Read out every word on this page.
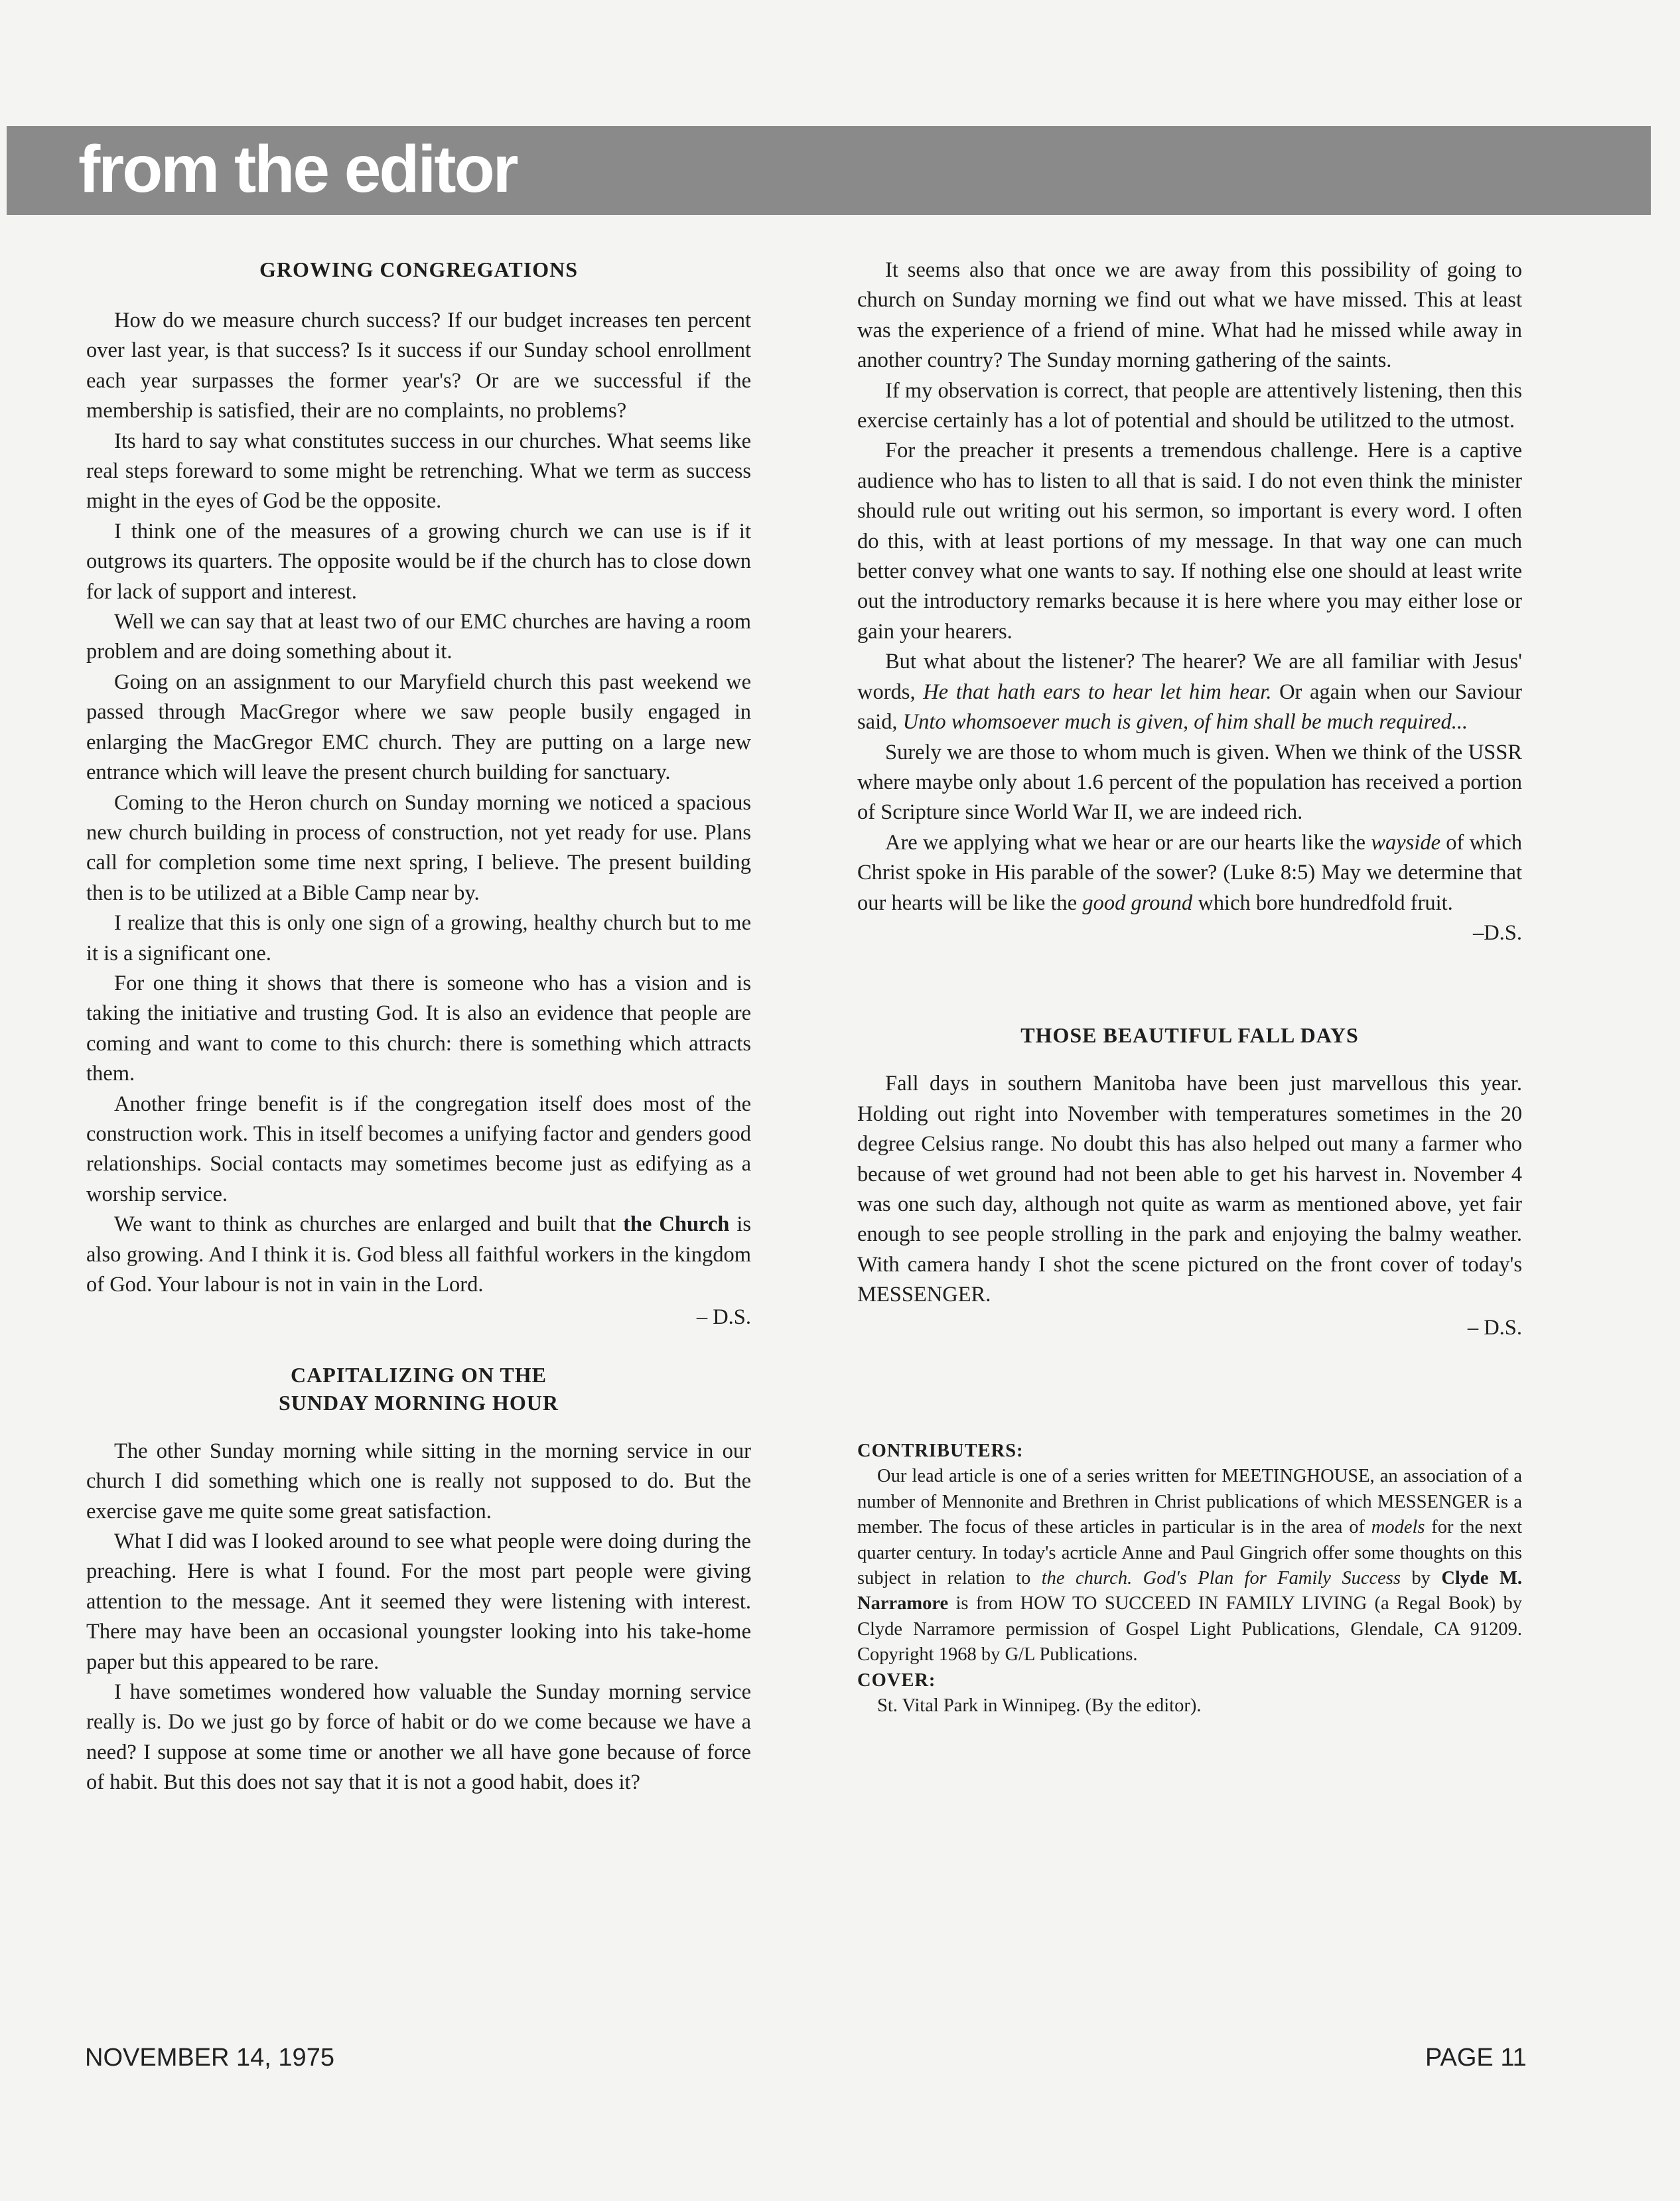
from the editor
GROWING CONGREGATIONS

How do we measure church success? If our budget increases ten percent over last year, is that success? Is it success if our Sunday school enrollment each year surpasses the former year's? Or are we successful if the membership is satisfied, their are no complaints, no problems?

Its hard to say what constitutes success in our churches. What seems like real steps foreward to some might be retrenching. What we term as success might in the eyes of God be the opposite.

I think one of the measures of a growing church we can use is if it outgrows its quarters. The opposite would be if the church has to close down for lack of support and interest.

Well we can say that at least two of our EMC churches are having a room problem and are doing something about it.

Going on an assignment to our Maryfield church this past weekend we passed through MacGregor where we saw people busily engaged in enlarging the MacGregor EMC church. They are putting on a large new entrance which will leave the present church building for sanctuary.

Coming to the Heron church on Sunday morning we noticed a spacious new church building in process of construction, not yet ready for use. Plans call for completion some time next spring, I believe. The present building then is to be utilized at a Bible Camp near by.

I realize that this is only one sign of a growing, healthy church but to me it is a significant one.

For one thing it shows that there is someone who has a vision and is taking the initiative and trusting God. It is also an evidence that people are coming and want to come to this church: there is something which attracts them.

Another fringe benefit is if the congregation itself does most of the construction work. This in itself becomes a unifying factor and genders good relationships. Social contacts may sometimes become just as edifying as a worship service.

We want to think as churches are enlarged and built that the Church is also growing. And I think it is. God bless all faithful workers in the kingdom of God. Your labour is not in vain in the Lord.

– D.S.

CAPITALIZING ON THE
SUNDAY MORNING HOUR

The other Sunday morning while sitting in the morning service in our church I did something which one is really not supposed to do. But the exercise gave me quite some great satisfaction.

What I did was I looked around to see what people were doing during the preaching. Here is what I found. For the most part people were giving attention to the message. Ant it seemed they were listening with interest. There may have been an occasional youngster looking into his take-home paper but this appeared to be rare.

I have sometimes wondered how valuable the Sunday morning service really is. Do we just go by force of habit or do we come because we have a need? I suppose at some time or another we all have gone because of force of habit. But this does not say that it is not a good habit, does it?

It seems also that once we are away from this possibility of going to church on Sunday morning we find out what we have missed. This at least was the experience of a friend of mine. What had he missed while away in another country? The Sunday morning gathering of the saints.

If my observation is correct, that people are attentively listening, then this exercise certainly has a lot of potential and should be utilitzed to the utmost.

For the preacher it presents a tremendous challenge. Here is a captive audience who has to listen to all that is said. I do not even think the minister should rule out writing out his sermon, so important is every word. I often do this, with at least portions of my message. In that way one can much better convey what one wants to say. If nothing else one should at least write out the introductory remarks because it is here where you may either lose or gain your hearers.

But what about the listener? The hearer? We are all familiar with Jesus' words, He that hath ears to hear let him hear. Or again when our Saviour said, Unto whomsoever much is given, of him shall be much required...

Surely we are those to whom much is given. When we think of the USSR where maybe only about 1.6 percent of the population has received a portion of Scripture since World War II, we are indeed rich.

Are we applying what we hear or are our hearts like the wayside of which Christ spoke in His parable of the sower? (Luke 8:5) May we determine that our hearts will be like the good ground which bore hundredfold fruit.

–D.S.

THOSE BEAUTIFUL FALL DAYS

Fall days in southern Manitoba have been just marvellous this year. Holding out right into November with temperatures sometimes in the 20 degree Celsius range. No doubt this has also helped out many a farmer who because of wet ground had not been able to get his harvest in. November 4 was one such day, although not quite as warm as mentioned above, yet fair enough to see people strolling in the park and enjoying the balmy weather. With camera handy I shot the scene pictured on the front cover of today's MESSENGER.

– D.S.

CONTRIBUTERS:

Our lead article is one of a series written for MEETINGHOUSE, an association of a number of Mennonite and Brethren in Christ publications of which MESSENGER is a member. The focus of these articles in particular is in the area of models for the next quarter century. In today's acrticle Anne and Paul Gingrich offer some thoughts on this subject in relation to the church. God's Plan for Family Success by Clyde M. Narramore is from HOW TO SUCCEED IN FAMILY LIVING (a Regal Book) by Clyde Narramore permission of Gospel Light Publications, Glendale, CA 91209. Copyright 1968 by G/L Publications.

COVER:

St. Vital Park in Winnipeg. (By the editor).

NOVEMBER 14, 1975	PAGE 11
